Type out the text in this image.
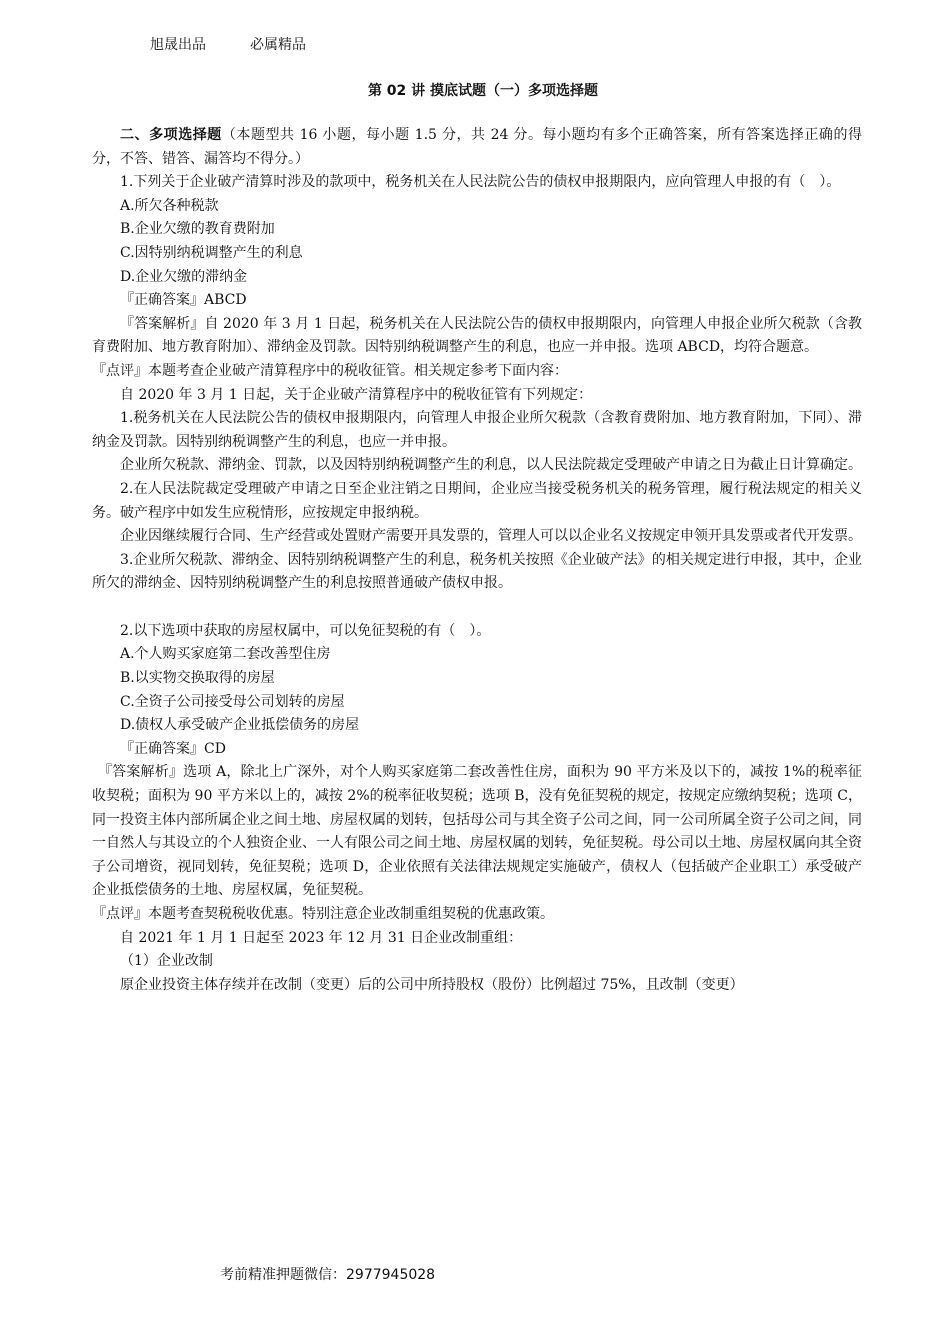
旭晟出品	必属精品
第 02 讲 摸底试题（一）多项选择题

二、多项选择题（本题型共 16 小题，每小题 1.5 分，共 24 分。每小题均有多个正确答案，所有答案选择正确的得分，不答、错答、漏答均不得分。）

1.下列关于企业破产清算时涉及的款项中，税务机关在人民法院公告的债权申报期限内，应向管理人申报的有（　）。

A.所欠各种税款

B.企业欠缴的教育费附加

C.因特别纳税调整产生的利息

D.企业欠缴的滞纳金

『正确答案』ABCD

『答案解析』自 2020 年 3 月 1 日起，税务机关在人民法院公告的债权申报期限内，向管理人申报企业所欠税款（含教育费附加、地方教育附加）、滞纳金及罚款。因特别纳税调整产生的利息，也应一并申报。选项 ABCD，均符合题意。

『点评』本题考查企业破产清算程序中的税收征管。相关规定参考下面内容：

自 2020 年 3 月 1 日起，关于企业破产清算程序中的税收征管有下列规定：

1.税务机关在人民法院公告的债权申报期限内，向管理人申报企业所欠税款（含教育费附加、地方教育附加，下同）、滞纳金及罚款。因特别纳税调整产生的利息，也应一并申报。

企业所欠税款、滞纳金、罚款，以及因特别纳税调整产生的利息，以人民法院裁定受理破产申请之日为截止日计算确定。

2.在人民法院裁定受理破产申请之日至企业注销之日期间，企业应当接受税务机关的税务管理，履行税法规定的相关义务。破产程序中如发生应税情形，应按规定申报纳税。

企业因继续履行合同、生产经营或处置财产需要开具发票的，管理人可以以企业名义按规定申领开具发票或者代开发票。

3.企业所欠税款、滞纳金、因特别纳税调整产生的利息，税务机关按照《企业破产法》的相关规定进行申报，其中，企业所欠的滞纳金、因特别纳税调整产生的利息按照普通破产债权申报。

2.以下选项中获取的房屋权属中，可以免征契税的有（　）。

A.个人购买家庭第二套改善型住房

B.以实物交换取得的房屋

C.全资子公司接受母公司划转的房屋

D.债权人承受破产企业抵偿债务的房屋

『正确答案』CD

『答案解析』选项 A，除北上广深外，对个人购买家庭第二套改善性住房，面积为 90 平方米及以下的，减按 1%的税率征收契税；面积为 90 平方米以上的，减按 2%的税率征收契税；选项 B，没有免征契税的规定，按规定应缴纳契税；选项 C，同一投资主体内部所属企业之间土地、房屋权属的划转，包括母公司与其全资子公司之间，同一公司所属全资子公司之间，同一自然人与其设立的个人独资企业、一人有限公司之间土地、房屋权属的划转，免征契税。母公司以土地、房屋权属向其全资子公司增资，视同划转，免征契税；选项 D，企业依照有关法律法规规定实施破产，债权人（包括破产企业职工）承受破产企业抵偿债务的土地、房屋权属，免征契税。

『点评』本题考查契税税收优惠。特别注意企业改制重组契税的优惠政策。

自 2021 年 1 月 1 日起至 2023 年 12 月 31 日企业改制重组：

（1）企业改制

原企业投资主体存续并在改制（变更）后的公司中所持股权（股份）比例超过 75%，且改制（变更）

考前精准押题微信：2977945028
